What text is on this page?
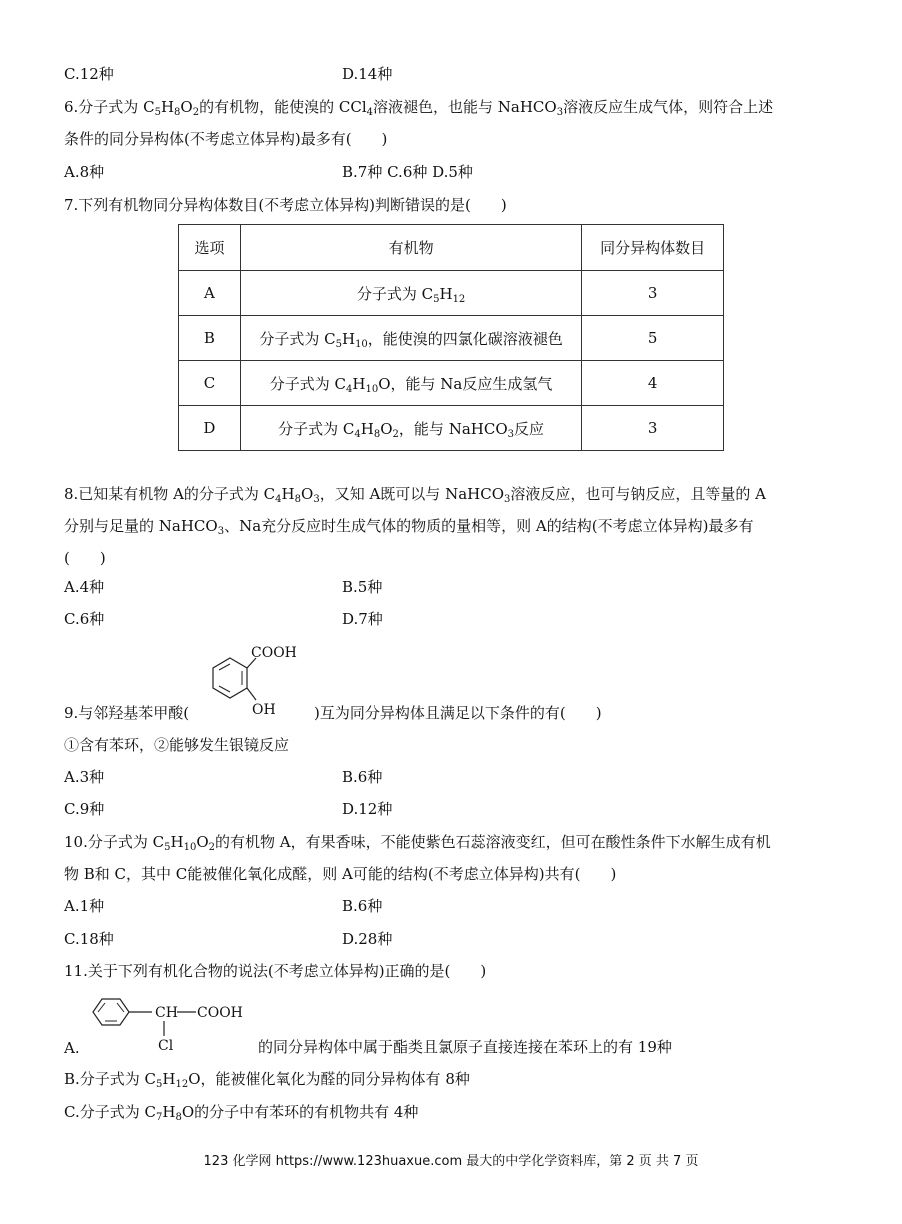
C.12种	D.14种
6.分子式为 $C_5H_8O_2$的有机物，能使溴的 CCl$_4$溶液褪色，也能与 NaHCO$_3$溶液反应生成气体，则符合上述
条件的同分异构体(不考虑立体异构)最多有(　　)
A.8种	B.7种 C.6种 D.5种
7.下列有机物同分异构体数目(不考虑立体异构)判断错误的是(　　)
选项	有机物	同分异构体数目
A	分子式为 $C_5H_{12}$	3
B	分子式为 $C_5H_{10}$，能使溴的四氯化碳溶液褪色	5
C	分子式为 $C_4H_{10}O$，能与 Na反应生成氢气	4
D	分子式为 $C_4H_8O_2$，能与 NaHCO$_3$反应	3
8.已知某有机物 A的分子式为 $C_4H_8O_3$，又知 A既可以与 NaHCO$_3$溶液反应，也可与钠反应，且等量的 A
分别与足量的 NaHCO$_3$、Na充分反应时生成气体的物质的量相等，则 A的结构(不考虑立体异构)最多有
(　　)
A.4种	B.5种
C.6种	D.7种
COOH
OH
9.与邻羟基苯甲酸(	)互为同分异构体且满足以下条件的有(　　)
①含有苯环，②能够发生银镜反应
A.3种	B.6种
C.9种	D.12种
10.分子式为 $C_5H_{10}O_2$的有机物 A，有果香味，不能使紫色石蕊溶液变红，但可在酸性条件下水解生成有机
物 B和 C，其中 C能被催化氧化成醛，则 A可能的结构(不考虑立体异构)共有(　　)
A.1种	B.6种
C.18种	D.28种
11.关于下列有机化合物的说法(不考虑立体异构)正确的是(　　)
CH COOH
Cl
A.	的同分异构体中属于酯类且氯原子直接连接在苯环上的有 19种
B.分子式为 $C_5H_{12}O$，能被催化氧化为醛的同分异构体有 8种
C.分子式为 $C_7H_8O$的分子中有苯环的有机物共有 4种
123 化学网 https://www.123huaxue.com 最大的中学化学资料库，第 2 页 共 7 页
